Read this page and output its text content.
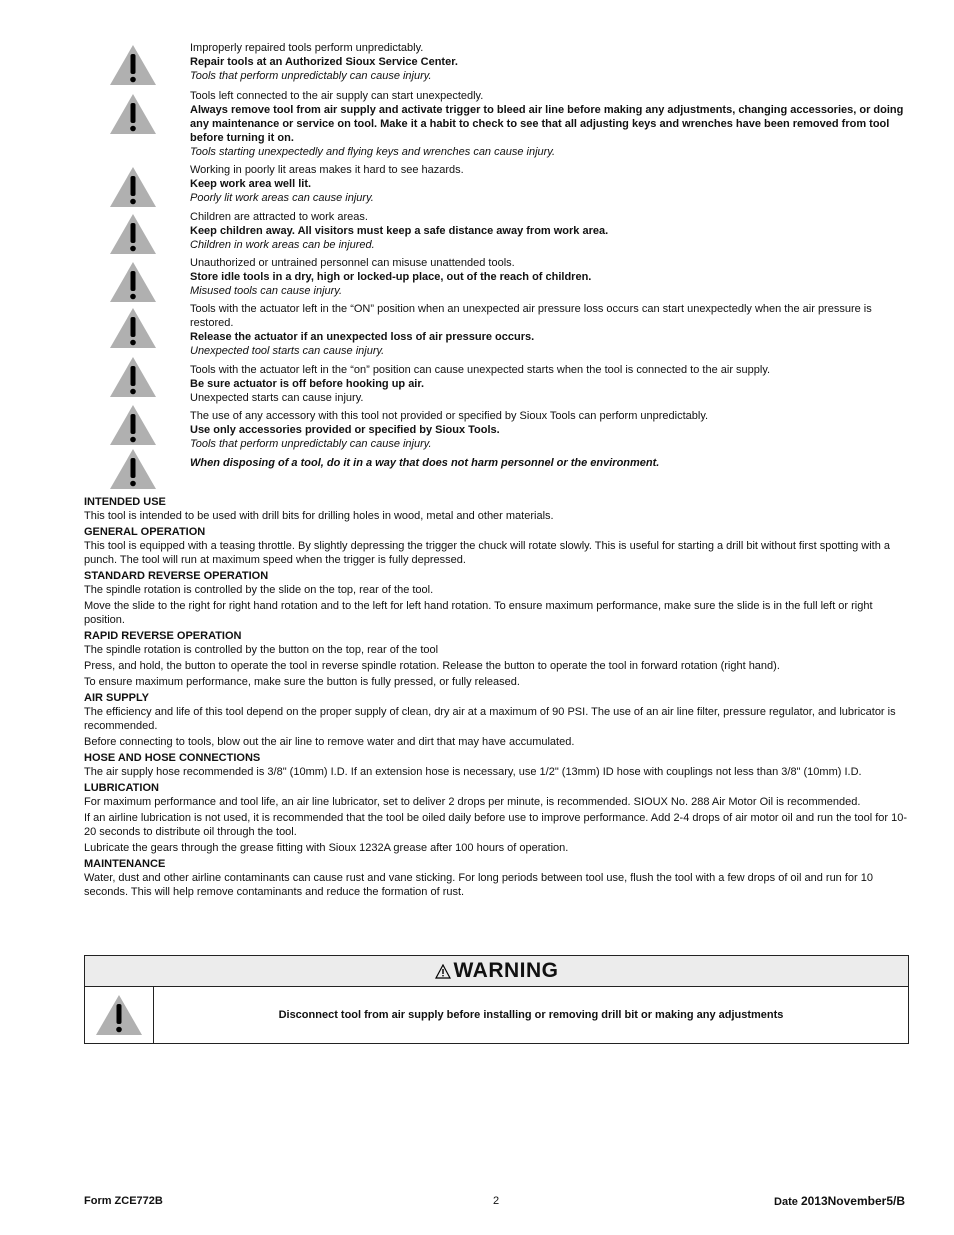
Improperly repaired tools perform unpredictably.

Repair tools at an Authorized Sioux Service Center.

Tools that perform unpredictably can cause injury.

Tools left connected to the air supply can start unexpectedly.

Always remove tool from air supply and activate trigger to bleed air line before making any adjustments, changing accessories, or doing any maintenance or service on tool. Make it a habit to check to see that all adjusting keys and wrenches have been removed from tool before turning it on.

Tools starting unexpectedly and flying keys and wrenches can cause injury.

Working in poorly lit areas makes it hard to see hazards.

Keep work area well lit.

Poorly lit work areas can cause injury.

Children are attracted to work areas.

Keep children away. All visitors must keep a safe distance away from work area.

Children in work areas can be injured.

Unauthorized or untrained personnel can misuse unattended tools.

Store idle tools in a dry, high or locked-up place, out of the reach of children.

Misused tools can cause injury.

Tools with the actuator left in the “ON” position when an unexpected air pressure loss occurs can start unexpectedly when the air pressure is restored.

Release the actuator if an unexpected loss of air pressure occurs.

Unexpected tool starts can cause injury.

Tools with the actuator left in the “on” position can cause unexpected starts when the tool is connected to the air supply.

Be sure actuator is off before hooking up air.

Unexpected starts can cause injury.

The use of any accessory with this tool not provided or specified by Sioux Tools can perform unpredictably.

Use only accessories provided or specified by Sioux Tools.

Tools that perform unpredictably can cause injury.

When disposing of a tool, do it in a way that does not harm personnel or the environment.

INTENDED USE

This tool is intended to be used with drill bits for drilling holes in wood, metal and other materials.

GENERAL OPERATION

This tool is equipped with a teasing throttle. By slightly depressing the trigger the chuck will rotate slowly. This is useful for starting a drill bit without first spotting with a punch. The tool will run at maximum speed when the trigger is fully depressed.

STANDARD REVERSE OPERATION

The spindle rotation is controlled by the slide on the top, rear of the tool.

Move the slide to the right for right hand rotation and to the left for left hand rotation. To ensure maximum performance, make sure the slide is in the full left or right position.

RAPID REVERSE OPERATION

The spindle rotation is controlled by the button on the top, rear of the tool

Press, and hold, the button to operate the tool in reverse spindle rotation. Release the button to operate the tool in forward rotation (right hand).

To ensure maximum performance, make sure the button is fully pressed, or fully released.

AIR SUPPLY

The efficiency and life of this tool depend on the proper supply of clean, dry air at a maximum of 90 PSI. The use of an air line filter, pressure regulator, and lubricator is recommended.

Before connecting to tools, blow out the air line to remove water and dirt that may have accumulated.

HOSE AND HOSE CONNECTIONS

The air supply hose recommended is 3/8" (10mm) I.D. If an extension hose is necessary, use 1/2" (13mm) ID hose with couplings not less than 3/8" (10mm) I.D.

LUBRICATION

For maximum performance and tool life, an air line lubricator, set to deliver 2 drops per minute, is recommended. SIOUX No. 288 Air Motor Oil is recommended.

If an airline lubrication is not used, it is recommended that the tool be oiled daily before use to improve performance. Add 2-4 drops of air motor oil and run the tool for 10-20 seconds to distribute oil through the tool.

Lubricate the gears through the grease fitting with Sioux 1232A grease after 100 hours of operation.

MAINTENANCE

Water, dust and other airline contaminants can cause rust and vane sticking. For long periods between tool use, flush the tool with a few drops of oil and run for 10 seconds. This will help remove contaminants and reduce the formation of rust.

WARNING
Disconnect tool from air supply before installing or removing drill bit or making any adjustments
Form ZCE772B	2	Date 2013November5/B
